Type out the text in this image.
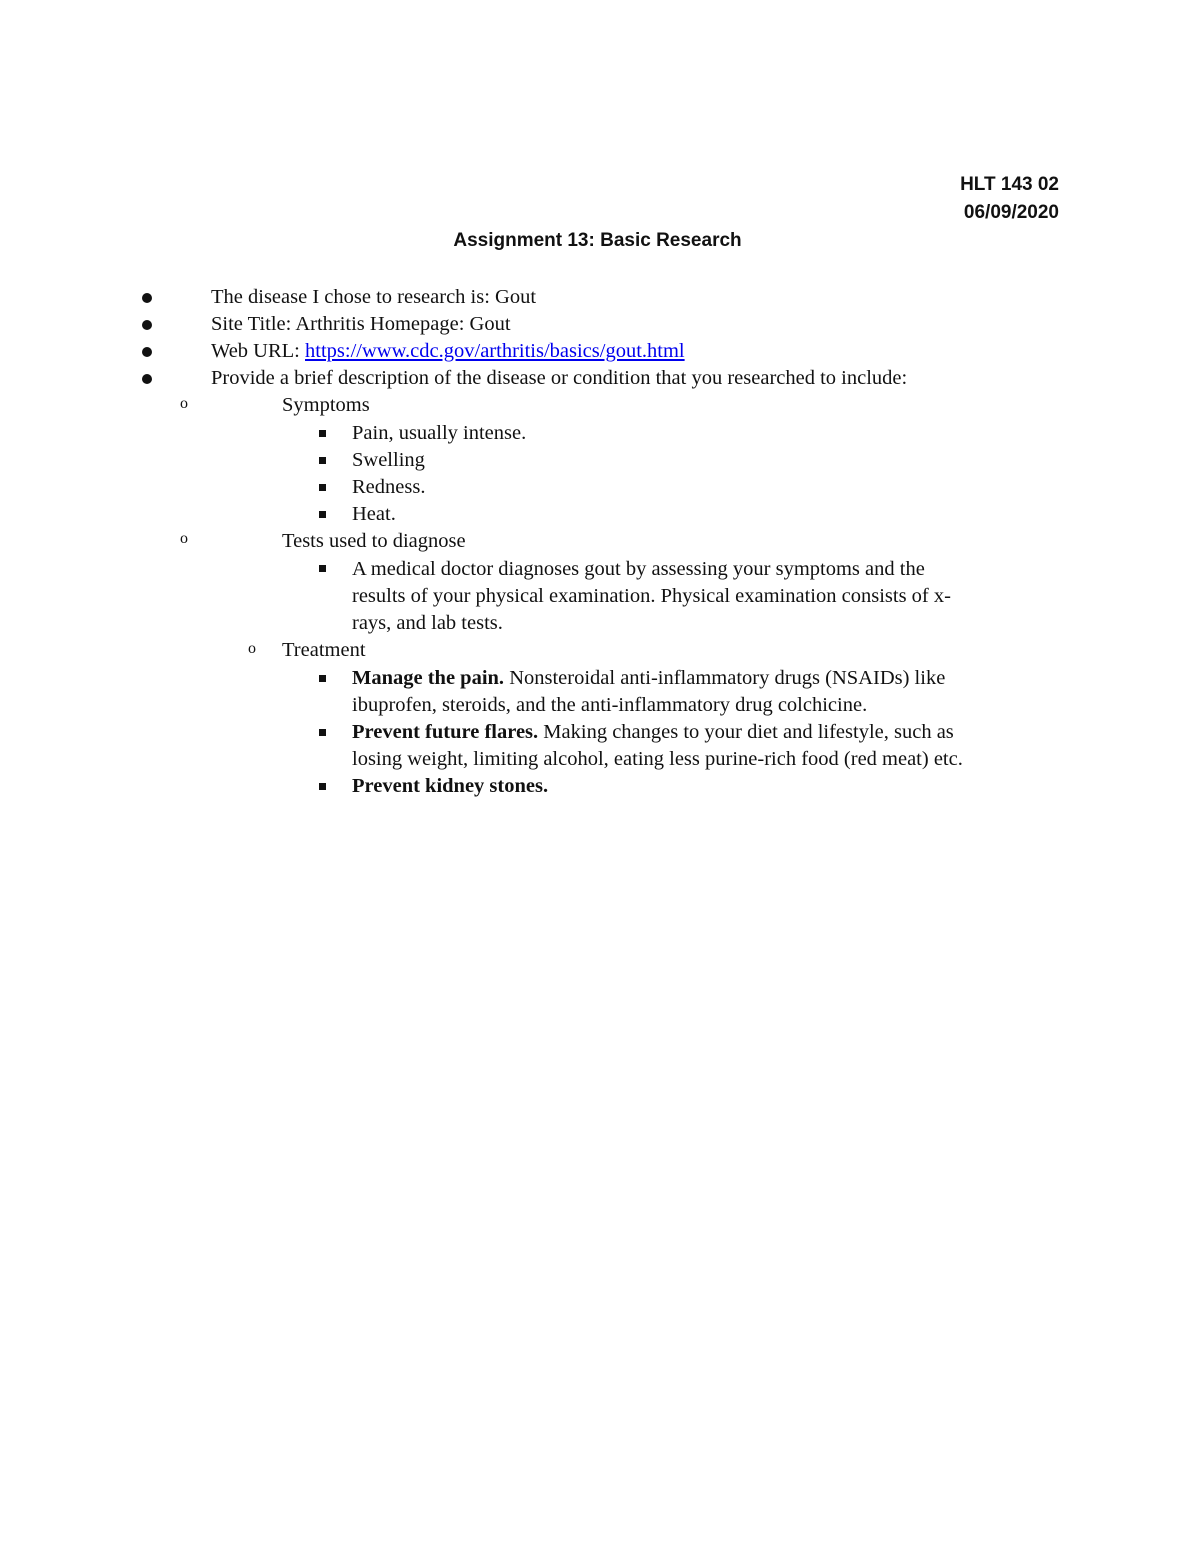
HLT 143 02
06/09/2020
Assignment 13: Basic Research
The disease I chose to research is: Gout
Site Title: Arthritis Homepage: Gout
Web URL: https://www.cdc.gov/arthritis/basics/gout.html
Provide a brief description of the disease or condition that you researched to include:
o	Symptoms
Pain, usually intense.
Swelling
Redness.
Heat.
o	Tests used to diagnose
A medical doctor diagnoses gout by assessing your symptoms and the
results of your physical examination. Physical examination consists of x-
rays, and lab tests.
o Treatment
Manage the pain. Nonsteroidal anti-inflammatory drugs (NSAIDs) like
ibuprofen, steroids, and the anti-inflammatory drug colchicine.
Prevent future flares. Making changes to your diet and lifestyle, such as
losing weight, limiting alcohol, eating less purine-rich food (red meat) etc.
Prevent kidney stones.
